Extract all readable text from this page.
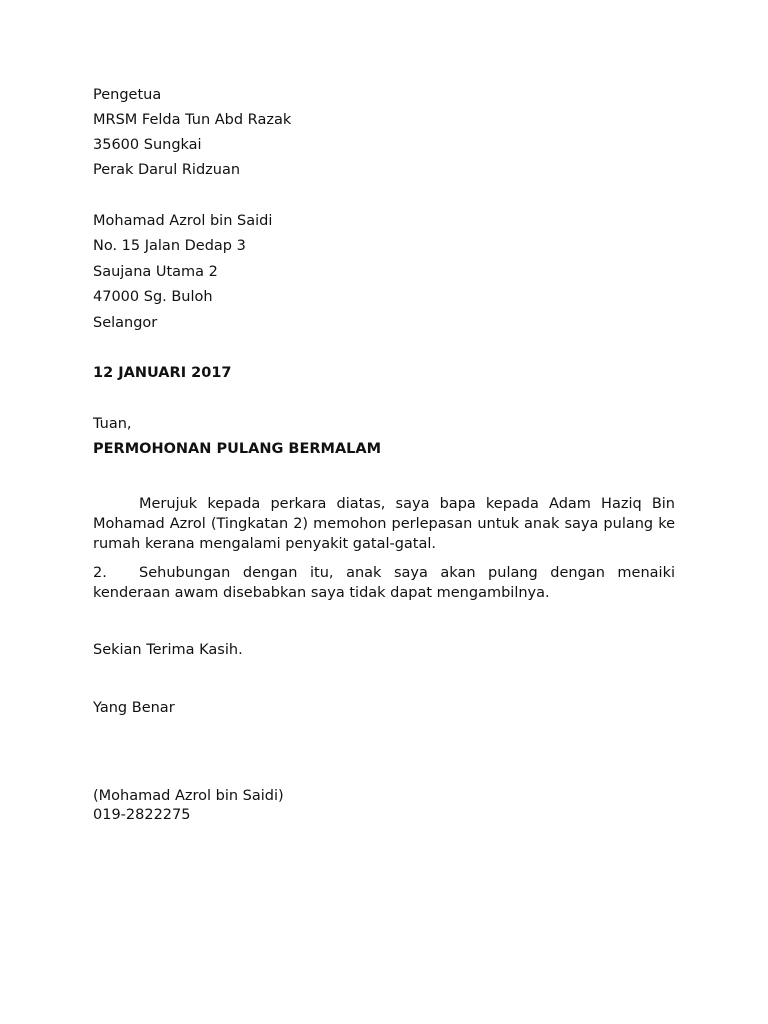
Pengetua
MRSM Felda Tun Abd Razak
35600 Sungkai
Perak Darul Ridzuan
Mohamad Azrol bin Saidi
No. 15 Jalan Dedap 3
Saujana Utama 2
47000 Sg. Buloh
Selangor
12 JANUARI 2017
Tuan,
PERMOHONAN PULANG BERMALAM
Merujuk kepada perkara diatas, saya bapa kepada Adam Haziq Bin Mohamad Azrol (Tingkatan 2) memohon perlepasan untuk anak saya pulang ke rumah kerana mengalami penyakit gatal-gatal.
2. Sehubungan dengan itu, anak saya akan pulang dengan menaiki kenderaan awam disebabkan saya tidak dapat mengambilnya.
Sekian Terima Kasih.
Yang Benar
(Mohamad Azrol bin Saidi)
019-2822275
